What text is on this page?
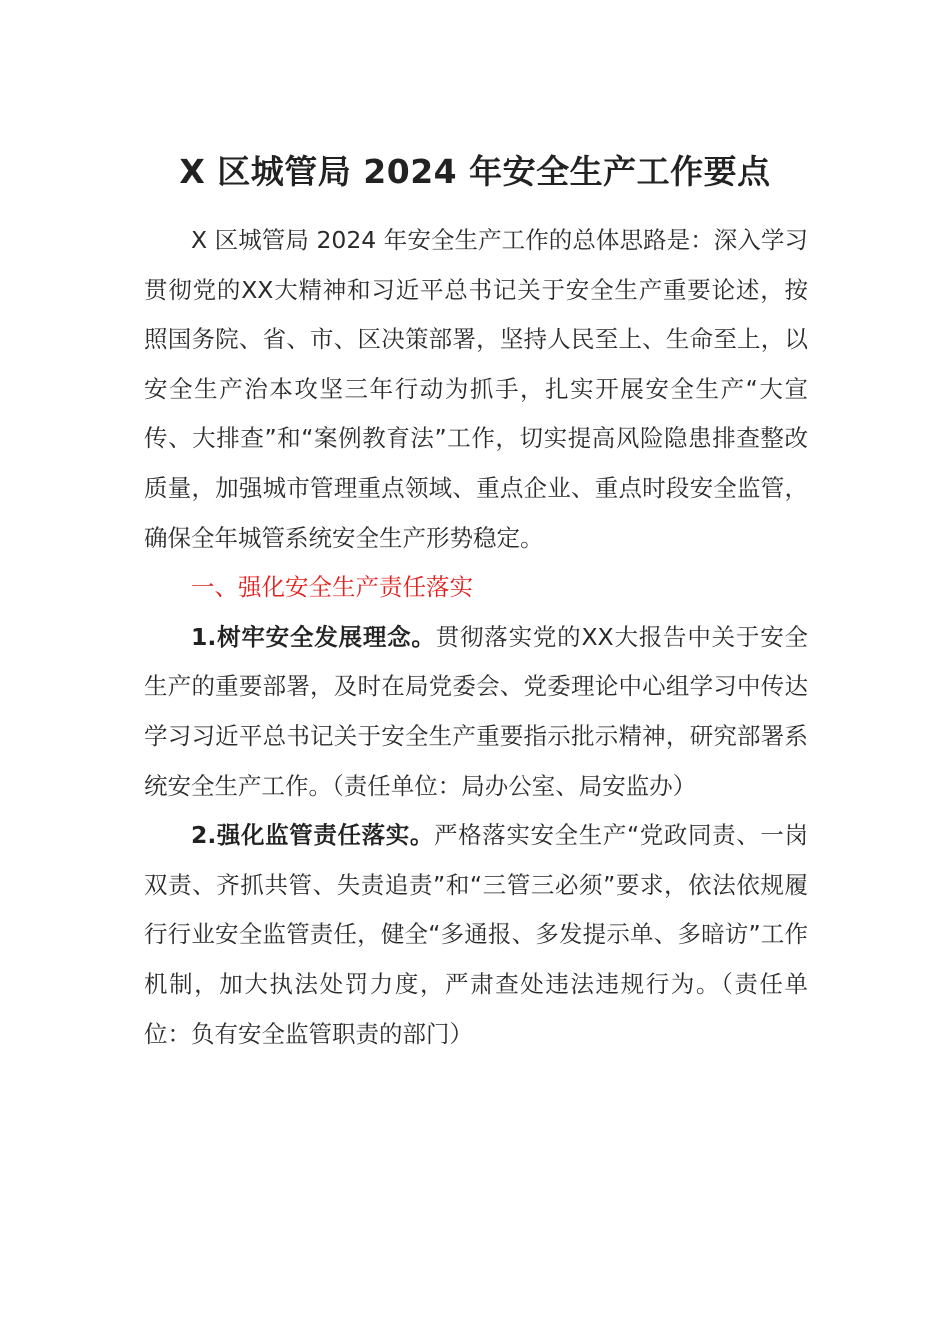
X 区城管局 2024 年安全生产工作要点

X 区城管局 2024 年安全生产工作的总体思路是：深入学习贯彻党的XX大精神和习近平总书记关于安全生产重要论述，按照国务院、省、市、区决策部署，坚持人民至上、生命至上，以安全生产治本攻坚三年行动为抓手，扎实开展安全生产“大宣传、大排查”和“案例教育法”工作，切实提高风险隐患排查整改质量，加强城市管理重点领域、重点企业、重点时段安全监管，确保全年城管系统安全生产形势稳定。

一、强化安全生产责任落实

1.树牢安全发展理念。贯彻落实党的XX大报告中关于安全生产的重要部署，及时在局党委会、党委理论中心组学习中传达学习习近平总书记关于安全生产重要指示批示精神，研究部署系统安全生产工作。（责任单位：局办公室、局安监办）

2.强化监管责任落实。严格落实安全生产“党政同责、一岗双责、齐抓共管、失责追责”和“三管三必须”要求，依法依规履行行业安全监管责任，健全“多通报、多发提示单、多暗访”工作机制，加大执法处罚力度，严肃查处违法违规行为。（责任单位：负有安全监管职责的部门）
